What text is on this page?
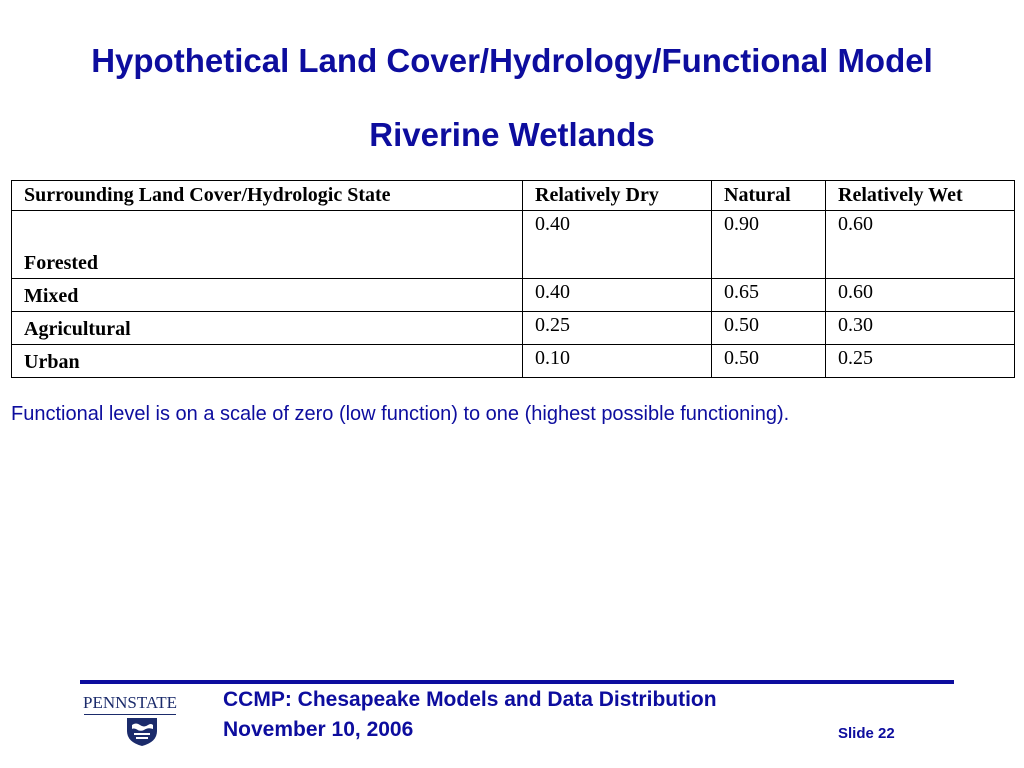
Hypothetical Land Cover/Hydrology/Functional Model
Riverine Wetlands
Surrounding Land Cover/Hydrologic State	Relatively Dry	Natural	Relatively Wet
Forested	0.40	0.90	0.60
Mixed	0.40	0.65	0.60
Agricultural	0.25	0.50	0.30
Urban	0.10	0.50	0.25
Functional level is on a scale of zero (low function) to one (highest possible functioning).
PENNSTATE CCMP: Chesapeake Models and Data Distribution
November 10, 2006	Slide 22
